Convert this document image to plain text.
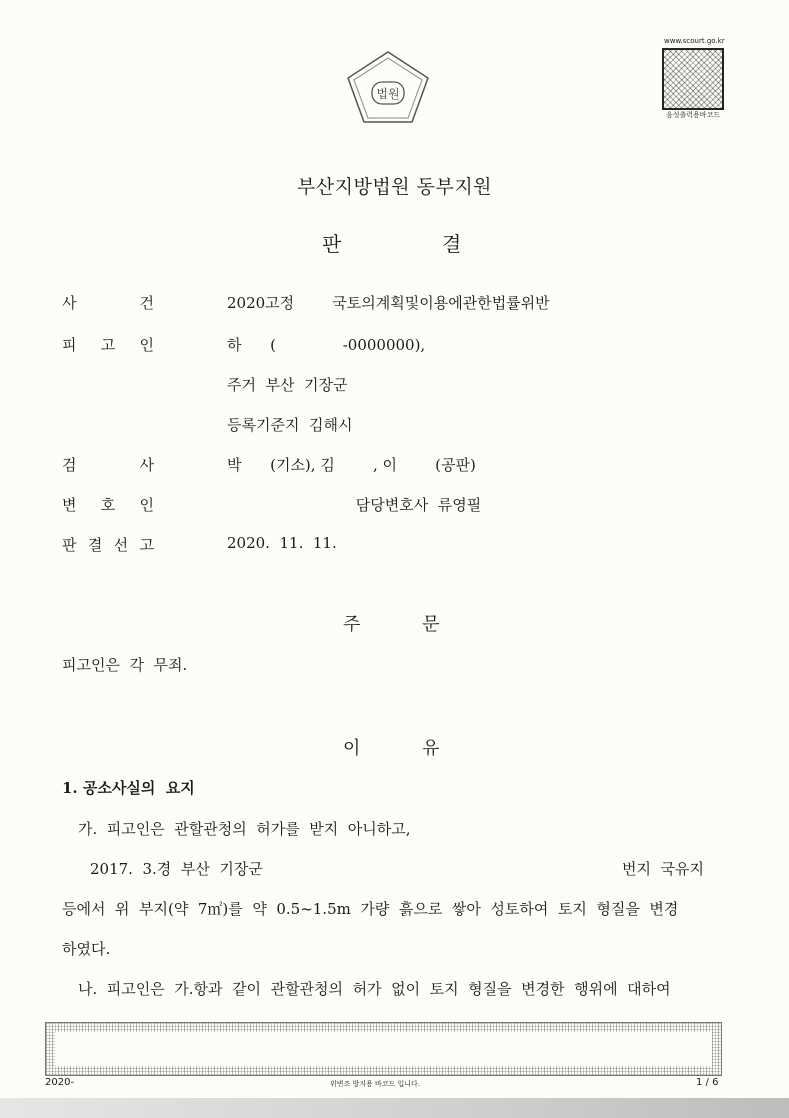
법원
www.scourt.go.kr
음성출력용바코드
부산지방법원 동부지원
판	결
사	건	2020고정        국토의계획및이용에관한법률위반
피 고 인	하      (              -0000000),
주거  부산  기장군
등록기준지  김해시
검	사	박      (기소), 김        , 이        (공판)
변 호 인	담당변호사  류영필
판 결 선 고	2020.  11.  11.
주	문
피고인은  각  무죄.
이	유
1. 공소사실의  요지
가.  피고인은  관할관청의  허가를  받지  아니하고,
2017.  3.경  부산  기장군	번지  국유지
등에서  위  부지(약  7㎡)를  약  0.5~1.5m  가량  흙으로  쌓아  성토하여  토지  형질을  변경
하였다.
나.  피고인은  가.항과  같이  관할관청의  허가  없이  토지  형질을  변경한  행위에  대하여
2020-	위변조 방지용 바코드 입니다.	1 / 6
